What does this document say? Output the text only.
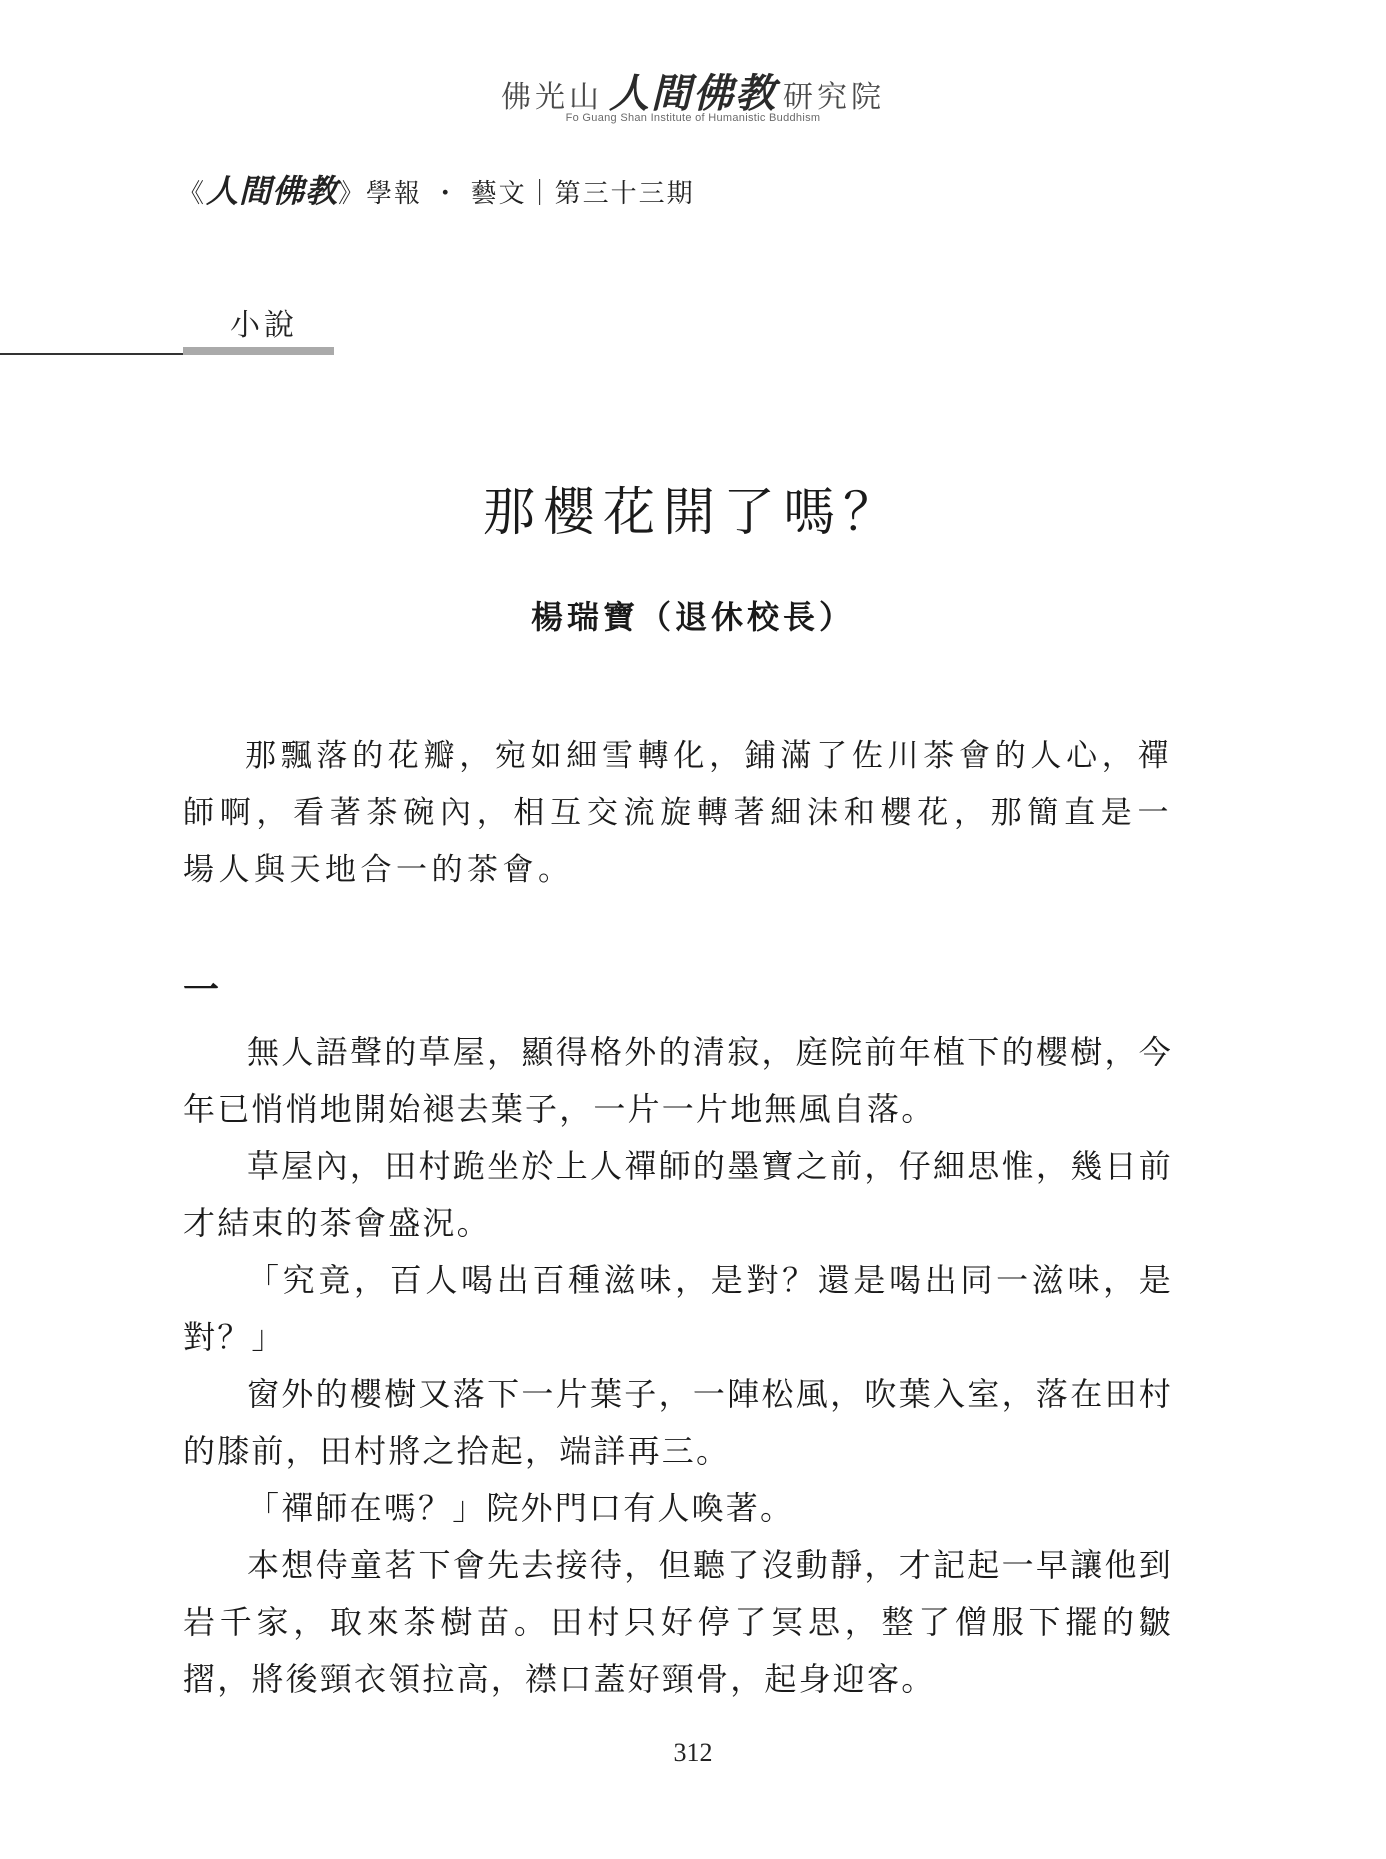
佛光山 人間佛教 研究院
Fo Guang Shan Institute of Humanistic Buddhism
《人間佛教》學報 ・ 藝文｜第三十三期
小說
那櫻花開了嗎？
楊瑞寶（退休校長）

那飄落的花瓣，宛如細雪轉化，鋪滿了佐川茶會的人心，禪師啊，看著茶碗內，相互交流旋轉著細沫和櫻花，那簡直是一場人與天地合一的茶會。

一

無人語聲的草屋，顯得格外的清寂，庭院前年植下的櫻樹，今年已悄悄地開始褪去葉子，一片一片地無風自落。

草屋內，田村跪坐於上人禪師的墨寶之前，仔細思惟，幾日前才結束的茶會盛況。

「究竟，百人喝出百種滋味，是對？還是喝出同一滋味，是對？」

窗外的櫻樹又落下一片葉子，一陣松風，吹葉入室，落在田村的膝前，田村將之拾起，端詳再三。

「禪師在嗎？」院外門口有人喚著。

本想侍童茗下會先去接待，但聽了沒動靜，才記起一早讓他到岩千家，取來茶樹苗。田村只好停了冥思，整了僧服下擺的皺摺，將後頸衣領拉高，襟口蓋好頸骨，起身迎客。

312
